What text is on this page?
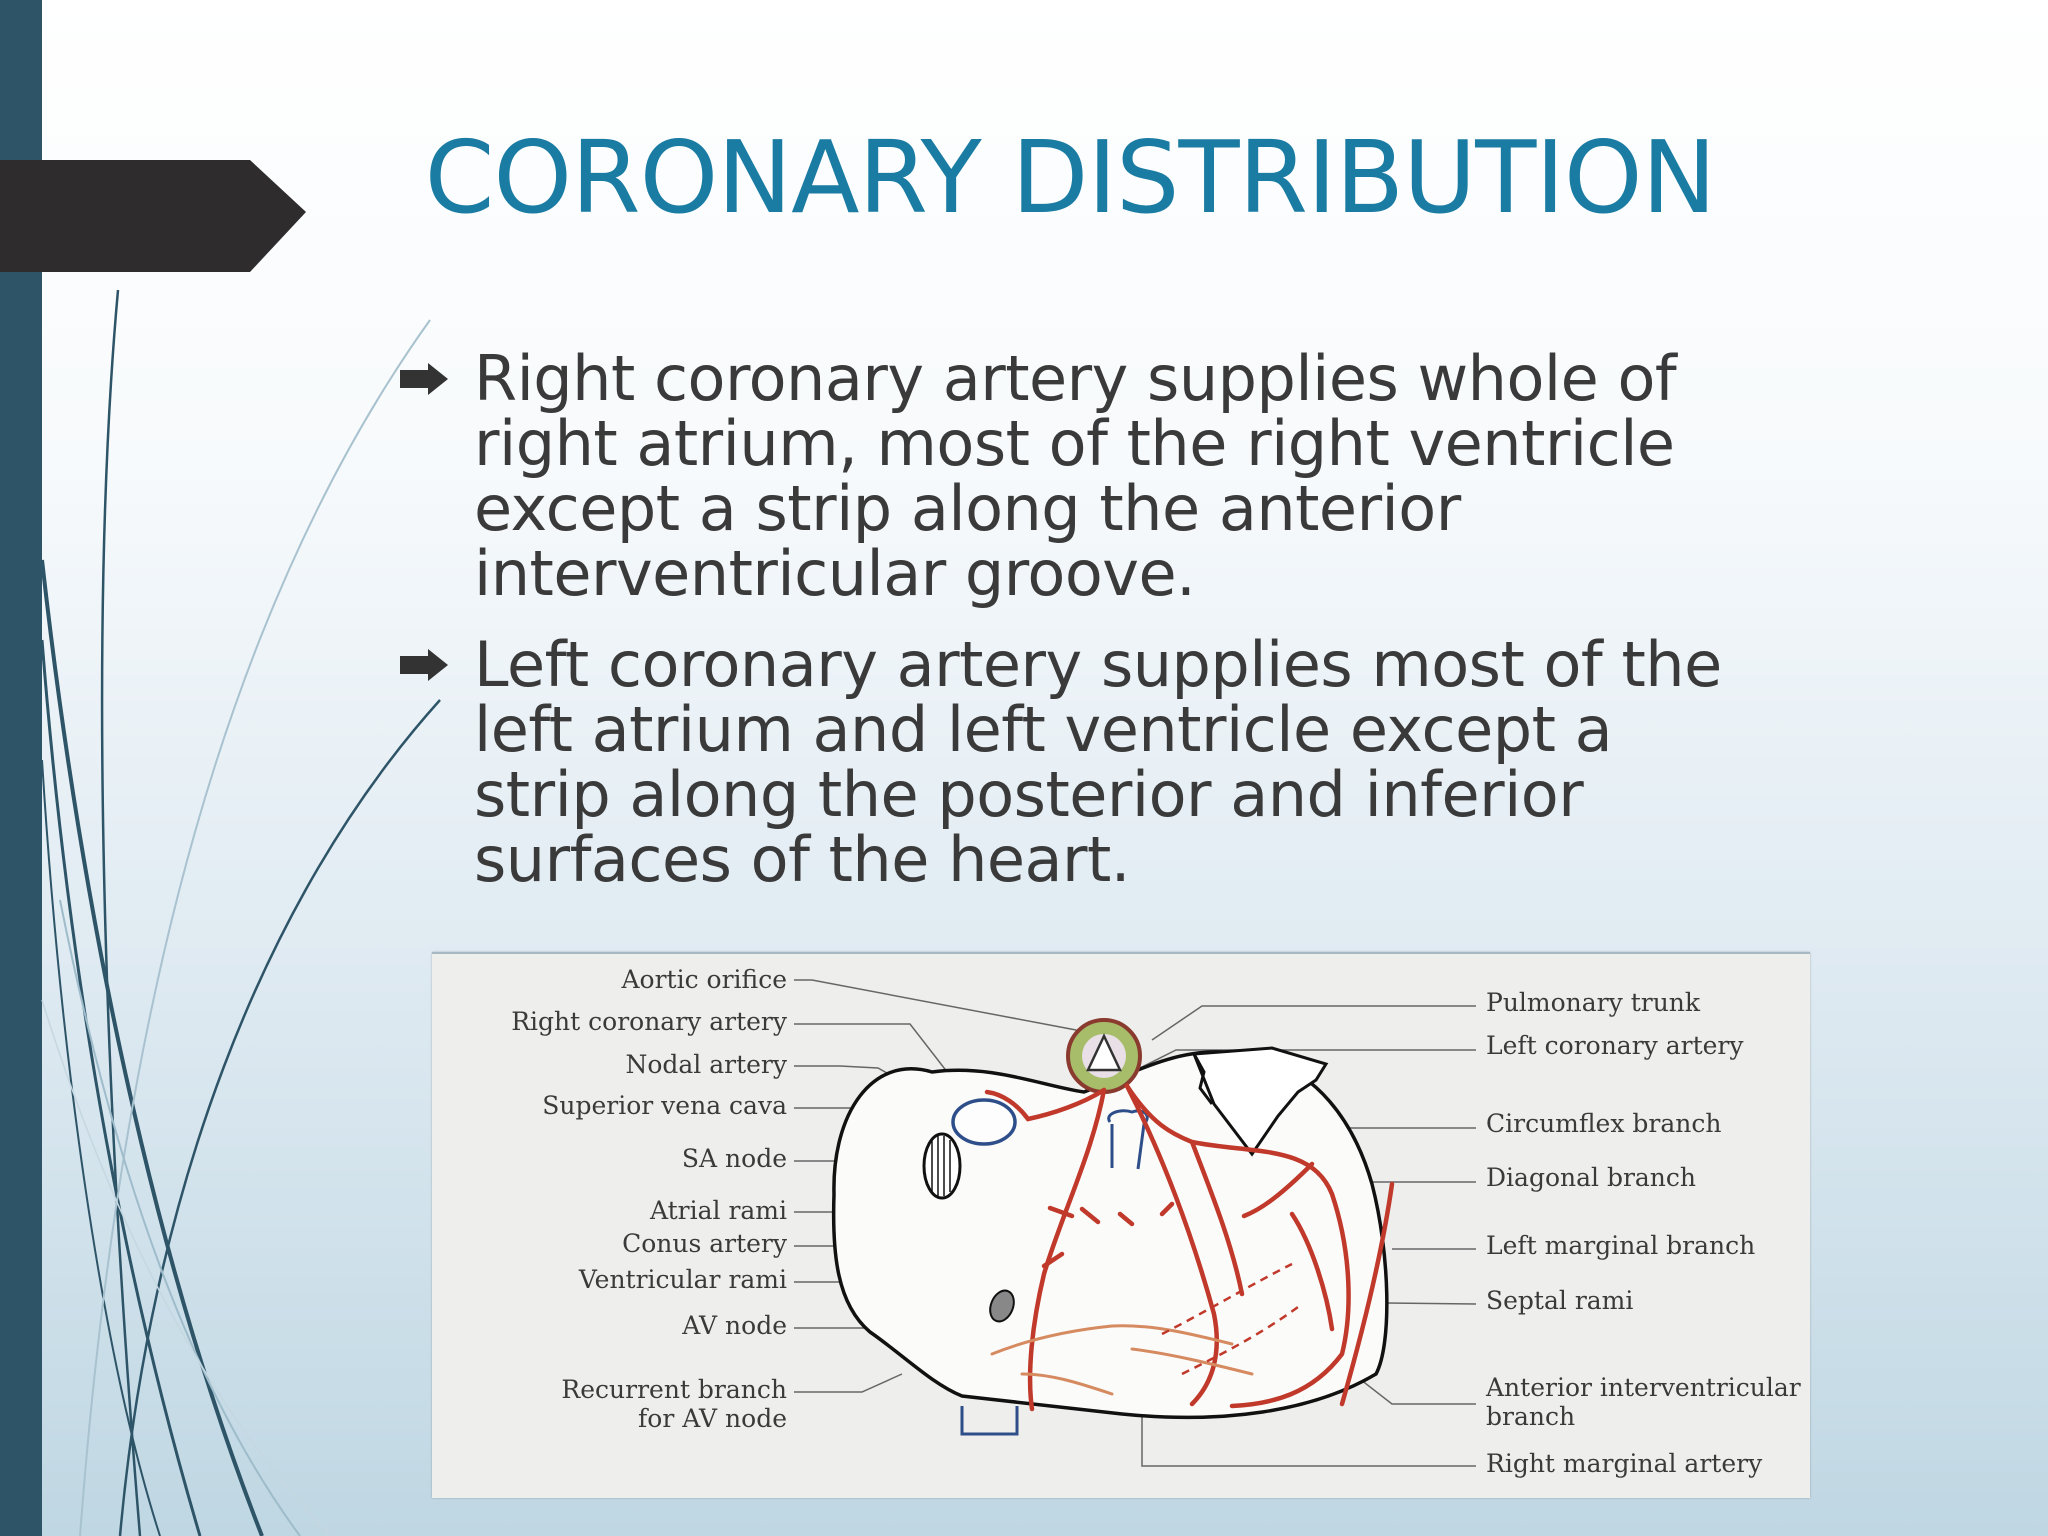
CORONARY DISTRIBUTION
Right coronary artery supplies whole of
right atrium, most of the right ventricle
except a strip along the anterior
interventricular groove.
Left coronary artery supplies most of the
left atrium and left ventricle except a
strip along the posterior and inferior
surfaces of the heart.
Aortic orifice
Right coronary artery
Nodal artery
Superior vena cava
SA node
Atrial rami
Conus artery
Ventricular rami
AV node
Recurrent branch
for AV node
Pulmonary trunk
Left coronary artery
Circumflex branch
Diagonal branch
Left marginal branch
Septal rami
Anterior interventricular
branch
Right marginal artery
